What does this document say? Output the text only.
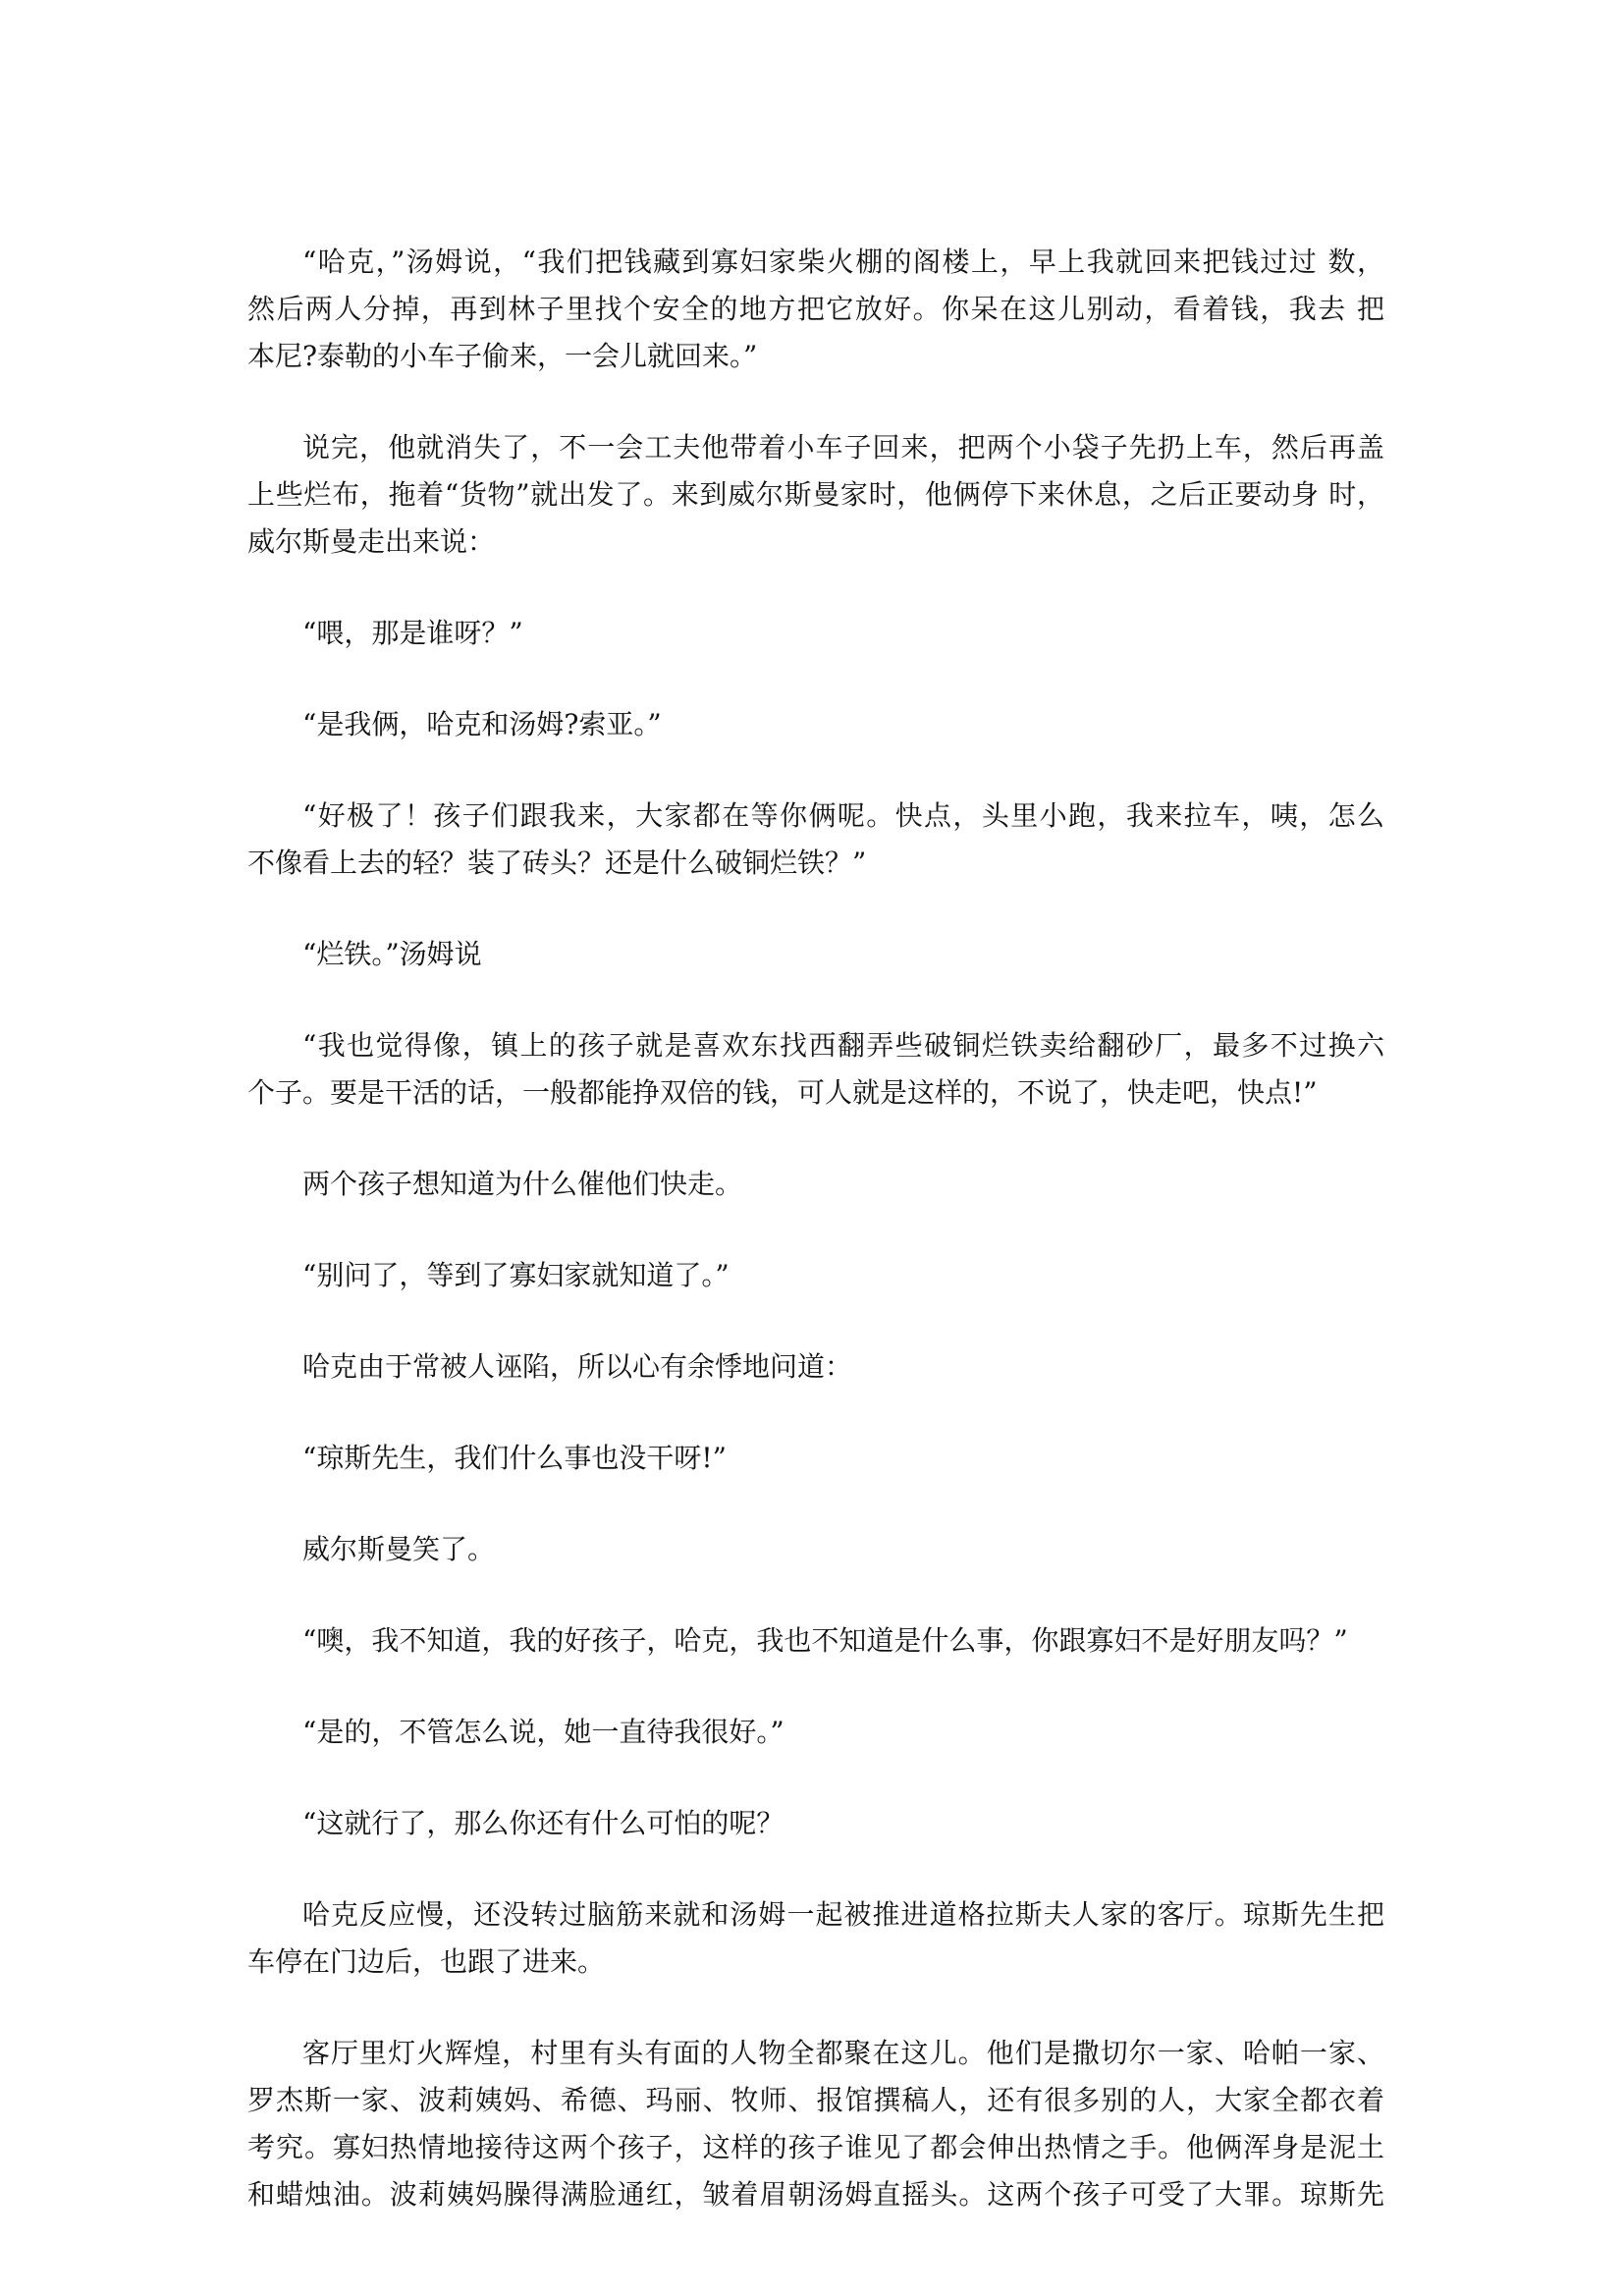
“哈克，”汤姆说，“我们把钱藏到寡妇家柴火棚的阁楼上，早上我就回来把钱过过 数，
然后两人分掉，再到林子里找个安全的地方把它放好。你呆在这儿别动，看着钱，我去 把
本尼?泰勒的小车子偷来，一会儿就回来。”
说完，他就消失了，不一会工夫他带着小车子回来，把两个小袋子先扔上车，然后再盖
上些烂布，拖着“货物”就出发了。来到威尔斯曼家时，他俩停下来休息，之后正要动身 时，
威尔斯曼走出来说：
“喂，那是谁呀？”
“是我俩，哈克和汤姆?索亚。”
“好极了！孩子们跟我来，大家都在等你俩呢。快点，头里小跑，我来拉车，咦，怎么
不像看上去的轻？装了砖头？还是什么破铜烂铁？”
“烂铁。”汤姆说
“我也觉得像，镇上的孩子就是喜欢东找西翻弄些破铜烂铁卖给翻砂厂，最多不过换六
个子。要是干活的话，一般都能挣双倍的钱，可人就是这样的，不说了，快走吧，快点!”
两个孩子想知道为什么催他们快走。
“别问了，等到了寡妇家就知道了。”
哈克由于常被人诬陷，所以心有余悸地问道：
“琼斯先生，我们什么事也没干呀!”
威尔斯曼笑了。
“噢，我不知道，我的好孩子，哈克，我也不知道是什么事，你跟寡妇不是好朋友吗？”
“是的，不管怎么说，她一直待我很好。”
“这就行了，那么你还有什么可怕的呢？
哈克反应慢，还没转过脑筋来就和汤姆一起被推进道格拉斯夫人家的客厅。琼斯先生把
车停在门边后，也跟了进来。
客厅里灯火辉煌，村里有头有面的人物全都聚在这儿。他们是撒切尔一家、哈帕一家、
罗杰斯一家、波莉姨妈、希德、玛丽、牧师、报馆撰稿人，还有很多别的人，大家全都衣着
考究。寡妇热情地接待这两个孩子，这样的孩子谁见了都会伸出热情之手。他俩浑身是泥土
和蜡烛油。波莉姨妈臊得满脸通红，皱着眉朝汤姆直摇头。这两个孩子可受了大罪。琼斯先
